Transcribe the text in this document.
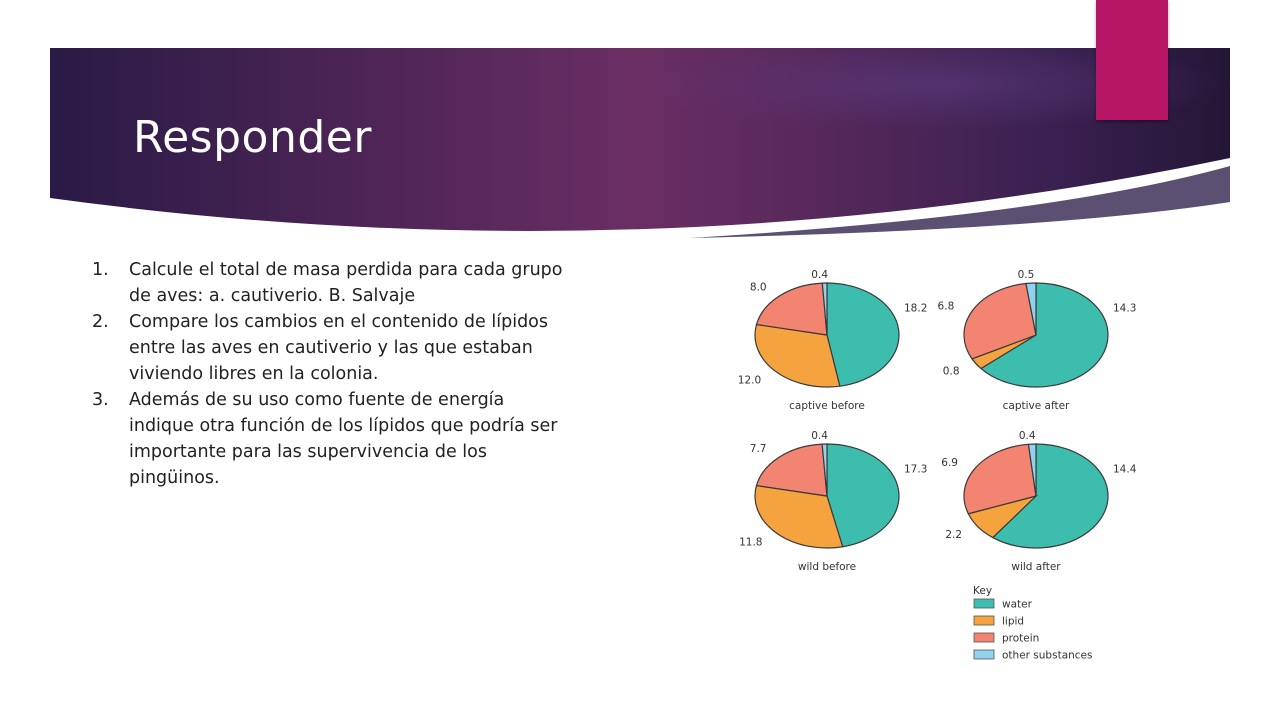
Responder
1. Calcule el total de masa perdida para cada grupo de aves: a. cautiverio. B. Salvaje
2. Compare los cambios en el contenido de lípidos entre las aves en cautiverio y las que estaban viviendo libres en la colonia.
3. Además de su uso como fuente de energía indique otra función de los lípidos que podría ser importante para las supervivencia de los pingüinos.
18.2
12.0
8.0
0.4
captive before
14.3
0.8
6.8
0.5
captive after
17.3
11.8
7.7
0.4
wild before
14.4
2.2
6.9
0.4
wild after
Key
water
lipid
protein
other substances
